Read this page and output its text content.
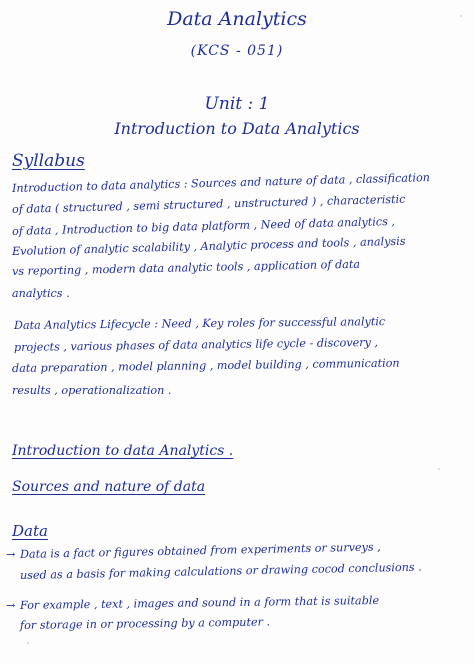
Data Analytics
(KCS - 051)
Unit : 1
Introduction to Data Analytics
Syllabus
Introduction to data analytics : Sources and nature of data , classification
of data ( structured , semi structured , unstructured ) , characteristic
of data , Introduction to big data platform , Need of data analytics ,
Evolution of analytic scalability , Analytic process and tools , analysis
vs reporting , modern data analytic tools , application of data
analytics .
Data Analytics Lifecycle : Need , Key roles for successful analytic
projects , various phases of data analytics life cycle - discovery ,
data preparation , model planning , model building , communication
results , operationalization .
Introduction to data Analytics .
Sources and nature of data
Data
→ Data is a fact or figures obtained from experiments or surveys ,
used as a basis for making calculations or drawing cocod conclusions .
→ For example , text , images and sound in a form that is suitable
for storage in or processing by a computer .
